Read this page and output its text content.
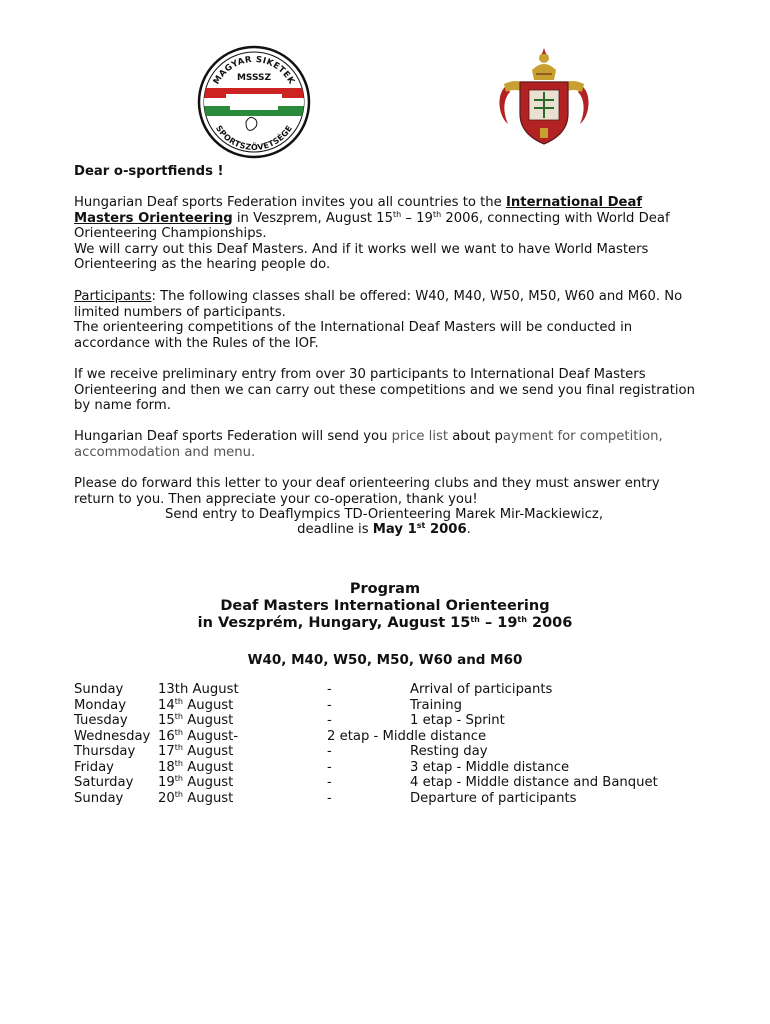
MSSSZ
MAGYAR SIKETEK
SPORTSZÖVETSÉGE

Dear o-sportfiends !

Hungarian Deaf sports Federation invites you all countries to the International Deaf Masters Orienteering in Veszprem, August 15th – 19th 2006, connecting with World Deaf Orienteering Championships.
We will carry out this Deaf Masters. And if it works well we want to have World Masters Orienteering as the hearing people do.

Participants: The following classes shall be offered: W40, M40, W50, M50, W60 and M60. No limited numbers of participants.
The orienteering competitions of the International Deaf Masters will be conducted in accordance with the Rules of the IOF.

If we receive preliminary entry from over 30 participants to International Deaf Masters Orienteering and then we can carry out these competitions and we send you final registration by name form.

Hungarian Deaf sports Federation will send you price list about payment for competition, accommodation and menu.

Please do forward this letter to your deaf orienteering clubs and they must answer entry return to you. Then appreciate your co-operation, thank you!

Send entry to Deaflympics TD-Orienteering Marek Mir-Mackiewicz,

deadline is May 1st 2006.

Program
Deaf Masters International Orienteering
in Veszprém, Hungary, August 15th – 19th 2006
W40, M40, W50, M50, W60 and M60
Sunday	13th August	-	Arrival of participants
Monday 14th August	-	Training
Tuesday 15th August	-	1 etap - Sprint
Wednesday 16th August-	2 etap - Middle distance
Thursday 17th August	-	Resting day
Friday	18th August	-	3 etap - Middle distance
Saturday 19th August	-	4 etap - Middle distance and Banquet
Sunday	20th August	-	Departure of participants
